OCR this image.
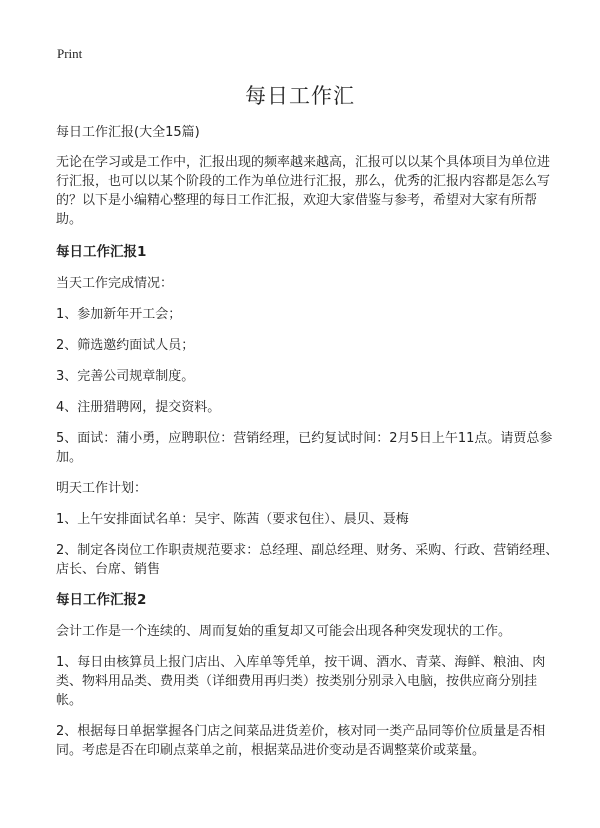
Print
每日工作汇

每日工作汇报(大全15篇)

无论在学习或是工作中，汇报出现的频率越来越高，汇报可以以某个具体项目为单位进行汇报，也可以以某个阶段的工作为单位进行汇报，那么，优秀的汇报内容都是怎么写的？以下是小编精心整理的每日工作汇报，欢迎大家借鉴与参考，希望对大家有所帮助。

每日工作汇报1

当天工作完成情况：

1、参加新年开工会；

2、筛选邀约面试人员；

3、完善公司规章制度。

4、注册猎聘网，提交资料。

5、面试：蒲小勇，应聘职位：营销经理，已约复试时间：2月5日上午11点。请贾总参加。

明天工作计划：

1、上午安排面试名单：吴宇、陈茜（要求包住）、晨贝、聂梅

2、制定各岗位工作职责规范要求：总经理、副总经理、财务、采购、行政、营销经理、店长、台席、销售

每日工作汇报2

会计工作是一个连续的、周而复始的重复却又可能会出现各种突发现状的工作。

1、每日由核算员上报门店出、入库单等凭单，按干调、酒水、青菜、海鲜、粮油、肉类、物料用品类、费用类（详细费用再归类）按类别分别录入电脑，按供应商分别挂帐。

2、根据每日单据掌握各门店之间菜品进货差价，核对同一类产品同等价位质量是否相同。考虑是否在印刷点菜单之前，根据菜品进价变动是否调整菜价或菜量。
